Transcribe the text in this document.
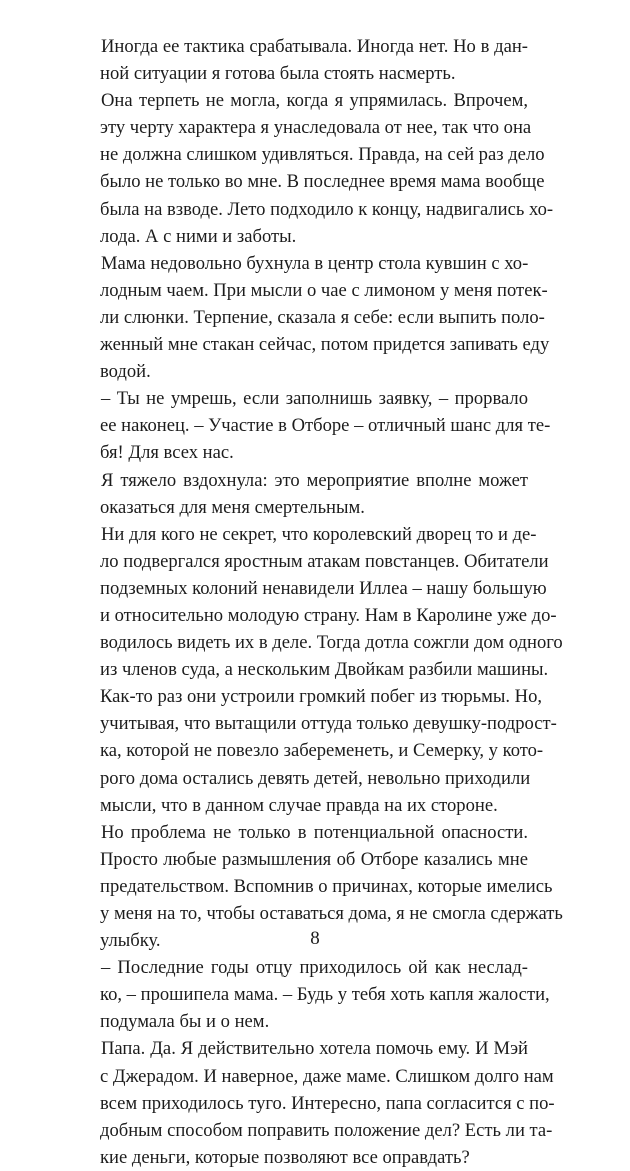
Иногда ее тактика срабатывала. Иногда нет. Но в дан-
ной ситуации я готова была стоять насмерть.
Она терпеть не могла, когда я упрямилась. Впрочем,
эту черту характера я унаследовала от нее, так что она
не должна слишком удивляться. Правда, на сей раз дело
было не только во мне. В последнее время мама вообще
была на взводе. Лето подходило к концу, надвигались хо-
лода. А с ними и заботы.
Мама недовольно бухнула в центр стола кувшин с хо-
лодным чаем. При мысли о чае с лимоном у меня потек-
ли слюнки. Терпение, сказала я себе: если выпить поло-
женный мне стакан сейчас, потом придется запивать еду
водой.
– Ты не умрешь, если заполнишь заявку, – прорвало
ее наконец. – Участие в Отборе – отличный шанс для те-
бя! Для всех нас.
Я тяжело вздохнула: это мероприятие вполне может
оказаться для меня смертельным.
Ни для кого не секрет, что королевский дворец то и де-
ло подвергался яростным атакам повстанцев. Обитатели
подземных колоний ненавидели Иллеа – нашу большую
и относительно молодую страну. Нам в Каролине уже до-
водилось видеть их в деле. Тогда дотла сожгли дом одного
из членов суда, а нескольким Двойкам разбили машины.
Как-то раз они устроили громкий побег из тюрьмы. Но,
учитывая, что вытащили оттуда только девушку-подрост-
ка, которой не повезло забеременеть, и Семерку, у кото-
рого дома остались девять детей, невольно приходили
мысли, что в данном случае правда на их стороне.
Но проблема не только в потенциальной опасности.
Просто любые размышления об Отборе казались мне
предательством. Вспомнив о причинах, которые имелись
у меня на то, чтобы оставаться дома, я не смогла сдержать
улыбку.
– Последние годы отцу приходилось ой как неслад-
ко, – прошипела мама. – Будь у тебя хоть капля жалости,
подумала бы и о нем.
Папа. Да. Я действительно хотела помочь ему. И Мэй
с Джерадом. И наверное, даже маме. Слишком долго нам
всем приходилось туго. Интересно, папа согласится с по-
добным способом поправить положение дел? Есть ли та-
кие деньги, которые позволяют все оправдать?
8
